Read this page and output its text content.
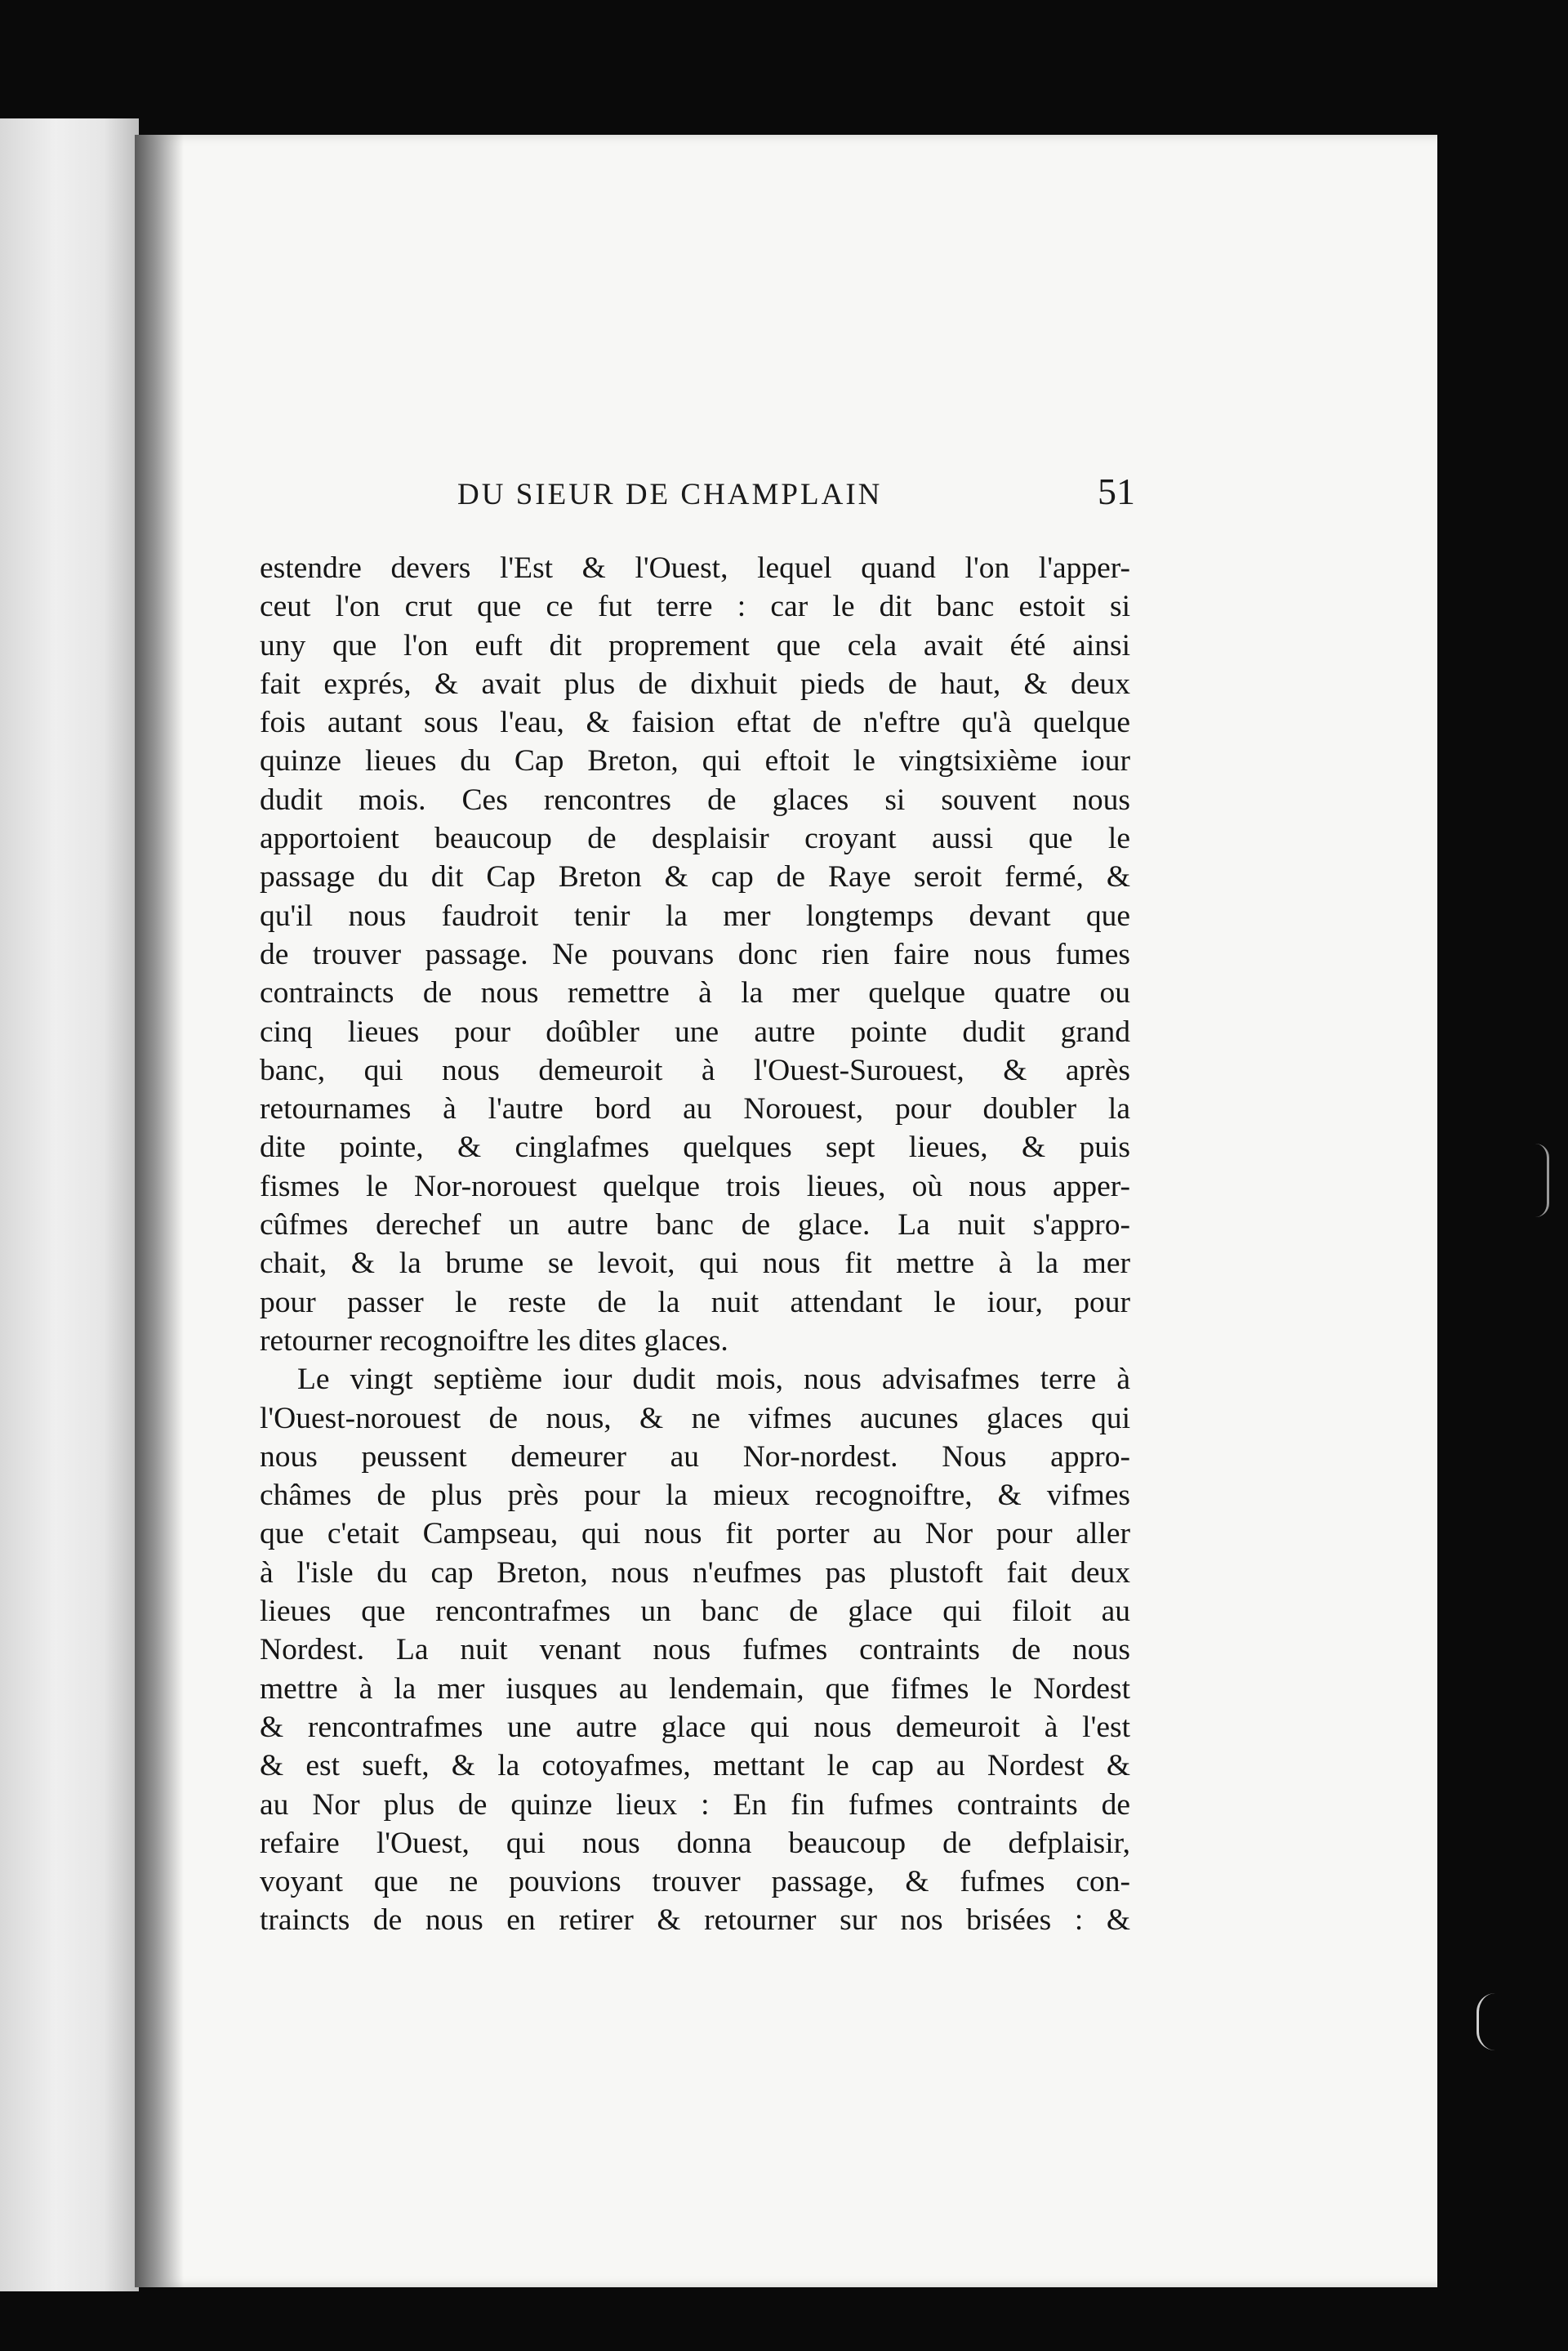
DU SIEUR DE CHAMPLAIN	51
estendre devers l'Est & l'Ouest, lequel quand l'on l'apper-
ceut l'on crut que ce fut terre : car le dit banc estoit si
uny que l'on euft dit proprement que cela avait été ainsi
fait exprés, & avait plus de dixhuit pieds de haut, & deux
fois autant sous l'eau, & faision eftat de n'eftre qu'à quelque
quinze lieues du Cap Breton, qui eftoit le vingtsixième iour
dudit mois. Ces rencontres de glaces si souvent nous
apportoient beaucoup de desplaisir croyant aussi que le
passage du dit Cap Breton & cap de Raye seroit fermé, &
qu'il nous faudroit tenir la mer longtemps devant que
de trouver passage. Ne pouvans donc rien faire nous fumes
contraincts de nous remettre à la mer quelque quatre ou
cinq lieues pour doûbler une autre pointe dudit grand
banc, qui nous demeuroit à l'Ouest-Surouest, & après
retournames à l'autre bord au Norouest, pour doubler la
dite pointe, & cinglafmes quelques sept lieues, & puis
fismes le Nor-norouest quelque trois lieues, où nous apper-
cûfmes derechef un autre banc de glace. La nuit s'appro-
chait, & la brume se levoit, qui nous fit mettre à la mer
pour passer le reste de la nuit attendant le iour, pour
retourner recognoiftre les dites glaces.
Le vingt septième iour dudit mois, nous advisafmes terre à
l'Ouest-norouest de nous, & ne vifmes aucunes glaces qui
nous peussent demeurer au Nor-nordest. Nous appro-
châmes de plus près pour la mieux recognoiftre, & vifmes
que c'etait Campseau, qui nous fit porter au Nor pour aller
à l'isle du cap Breton, nous n'eufmes pas plustoft fait deux
lieues que rencontrafmes un banc de glace qui filoit au
Nordest. La nuit venant nous fufmes contraints de nous
mettre à la mer iusques au lendemain, que fifmes le Nordest
& rencontrafmes une autre glace qui nous demeuroit à l'est
& est sueft, & la cotoyafmes, mettant le cap au Nordest &
au Nor plus de quinze lieux : En fin fufmes contraints de
refaire l'Ouest, qui nous donna beaucoup de defplaisir,
voyant que ne pouvions trouver passage, & fufmes con-
traincts de nous en retirer & retourner sur nos brisées : &
